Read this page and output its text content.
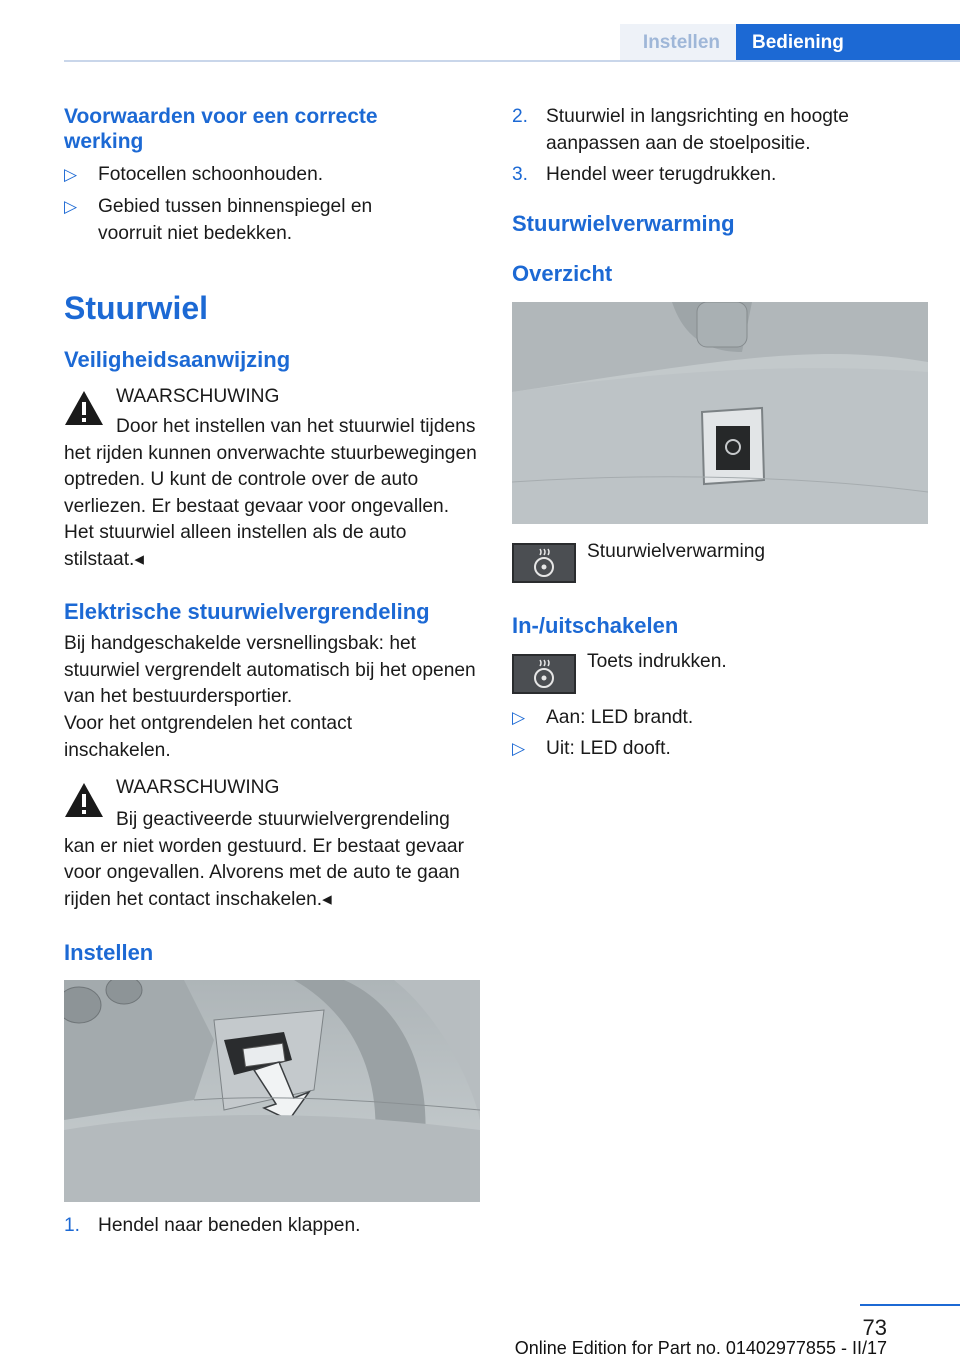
Instellen	Bediening
Voorwaarden voor een correcte werking
▷	Fotocellen schoonhouden.
▷	Gebied tussen binnenspiegel en voorruit niet bedekken.
Stuurwiel
Veiligheidsaanwijzing
WAARSCHUWING
Door het instellen van het stuurwiel tijdens het rijden kunnen onverwachte stuurbewegingen optreden. U kunt de controle over de auto verliezen. Er bestaat gevaar voor ongevallen. Het stuurwiel alleen instellen als de auto stilstaat.◂
Elektrische stuurwielvergrendeling
Bij handgeschakelde versnellingsbak: het stuurwiel vergrendelt automatisch bij het openen van het bestuurdersportier.
Voor het ontgrendelen het contact inschakelen.
WAARSCHUWING
Bij geactiveerde stuurwielvergrendeling kan er niet worden gestuurd. Er bestaat gevaar voor ongevallen. Alvorens met de auto te gaan rijden het contact inschakelen.◂
Instellen
1. Hendel naar beneden klappen.
2. Stuurwiel in langsrichting en hoogte aanpassen aan de stoelpositie.
3. Hendel weer terugdrukken.
Stuurwielverwarming
Overzicht
Stuurwielverwarming
In-/uitschakelen
Toets indrukken.
▷	Aan: LED brandt.
▷	Uit: LED dooft.
73
Online Edition for Part no. 01402977855 - II/17
